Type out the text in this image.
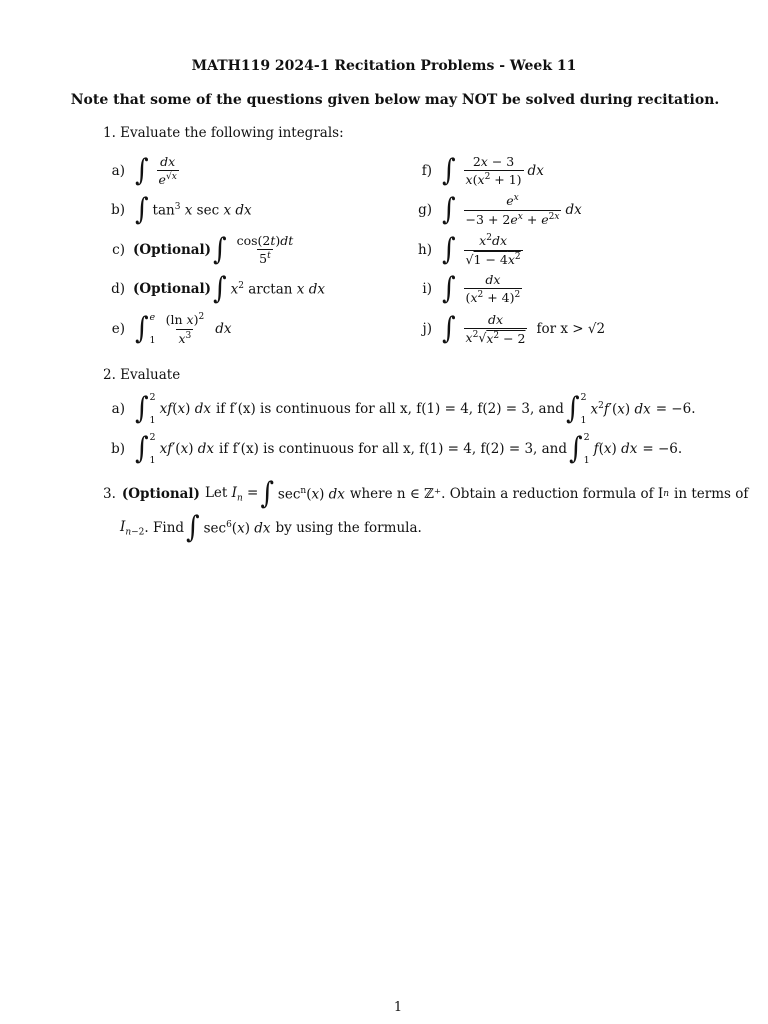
MATH119 2024-1 Recitation Problems - Week 11
Note that some of the questions given below may NOT be solved during recitation.
1. Evaluate the following integrals:
a) ∫ $\frac{dx}{e^{√x}}$
b) ∫ $\tan^3 x$ sec x dx
c) (Optional) ∫ $\frac{\cos(2t)dt}{5^t}$
d) (Optional) ∫ $x^2$ arctan x dx
e) ∫ e
$1 \frac{(\ln x)^2}{x^3}$ dx
f) ∫ $\frac{2x - 3}{x(x^2 + 1)}$ dx
g) ∫ $\frac{e^x}{-3 + 2e^x + e^{2x}}$ dx
h) ∫ $\frac{x^2dx}{√1 - 4x^2}$
i) ∫ $\frac{dx}{(x^2 + 4)^2}$
j) ∫ $\frac{dx}{x^2√x^2 - 2}$ for x > √2
2. Evaluate
a) ∫ 2
1
xf(x) dx if f′(x) is continuous for all x, f(1) = 4, f(2) = 3, and ∫ 2
1
$x^2f'(x)$ dx = −6.
b) ∫ 2
1
xf′(x) dx if f′(x) is continuous for all x, f(1) = 4, f(2) = 3, and ∫ 2
1
f(x) dx = −6.
3. (Optional) Let $I_n$ = ∫ $\sec^n(x)$ dx where n ∈ ℤ⁺. Obtain a reduction formula of I n in terms of
$I_{n-2}$ . Find ∫ $\sec^6(x)$ dx by using the formula.
1
